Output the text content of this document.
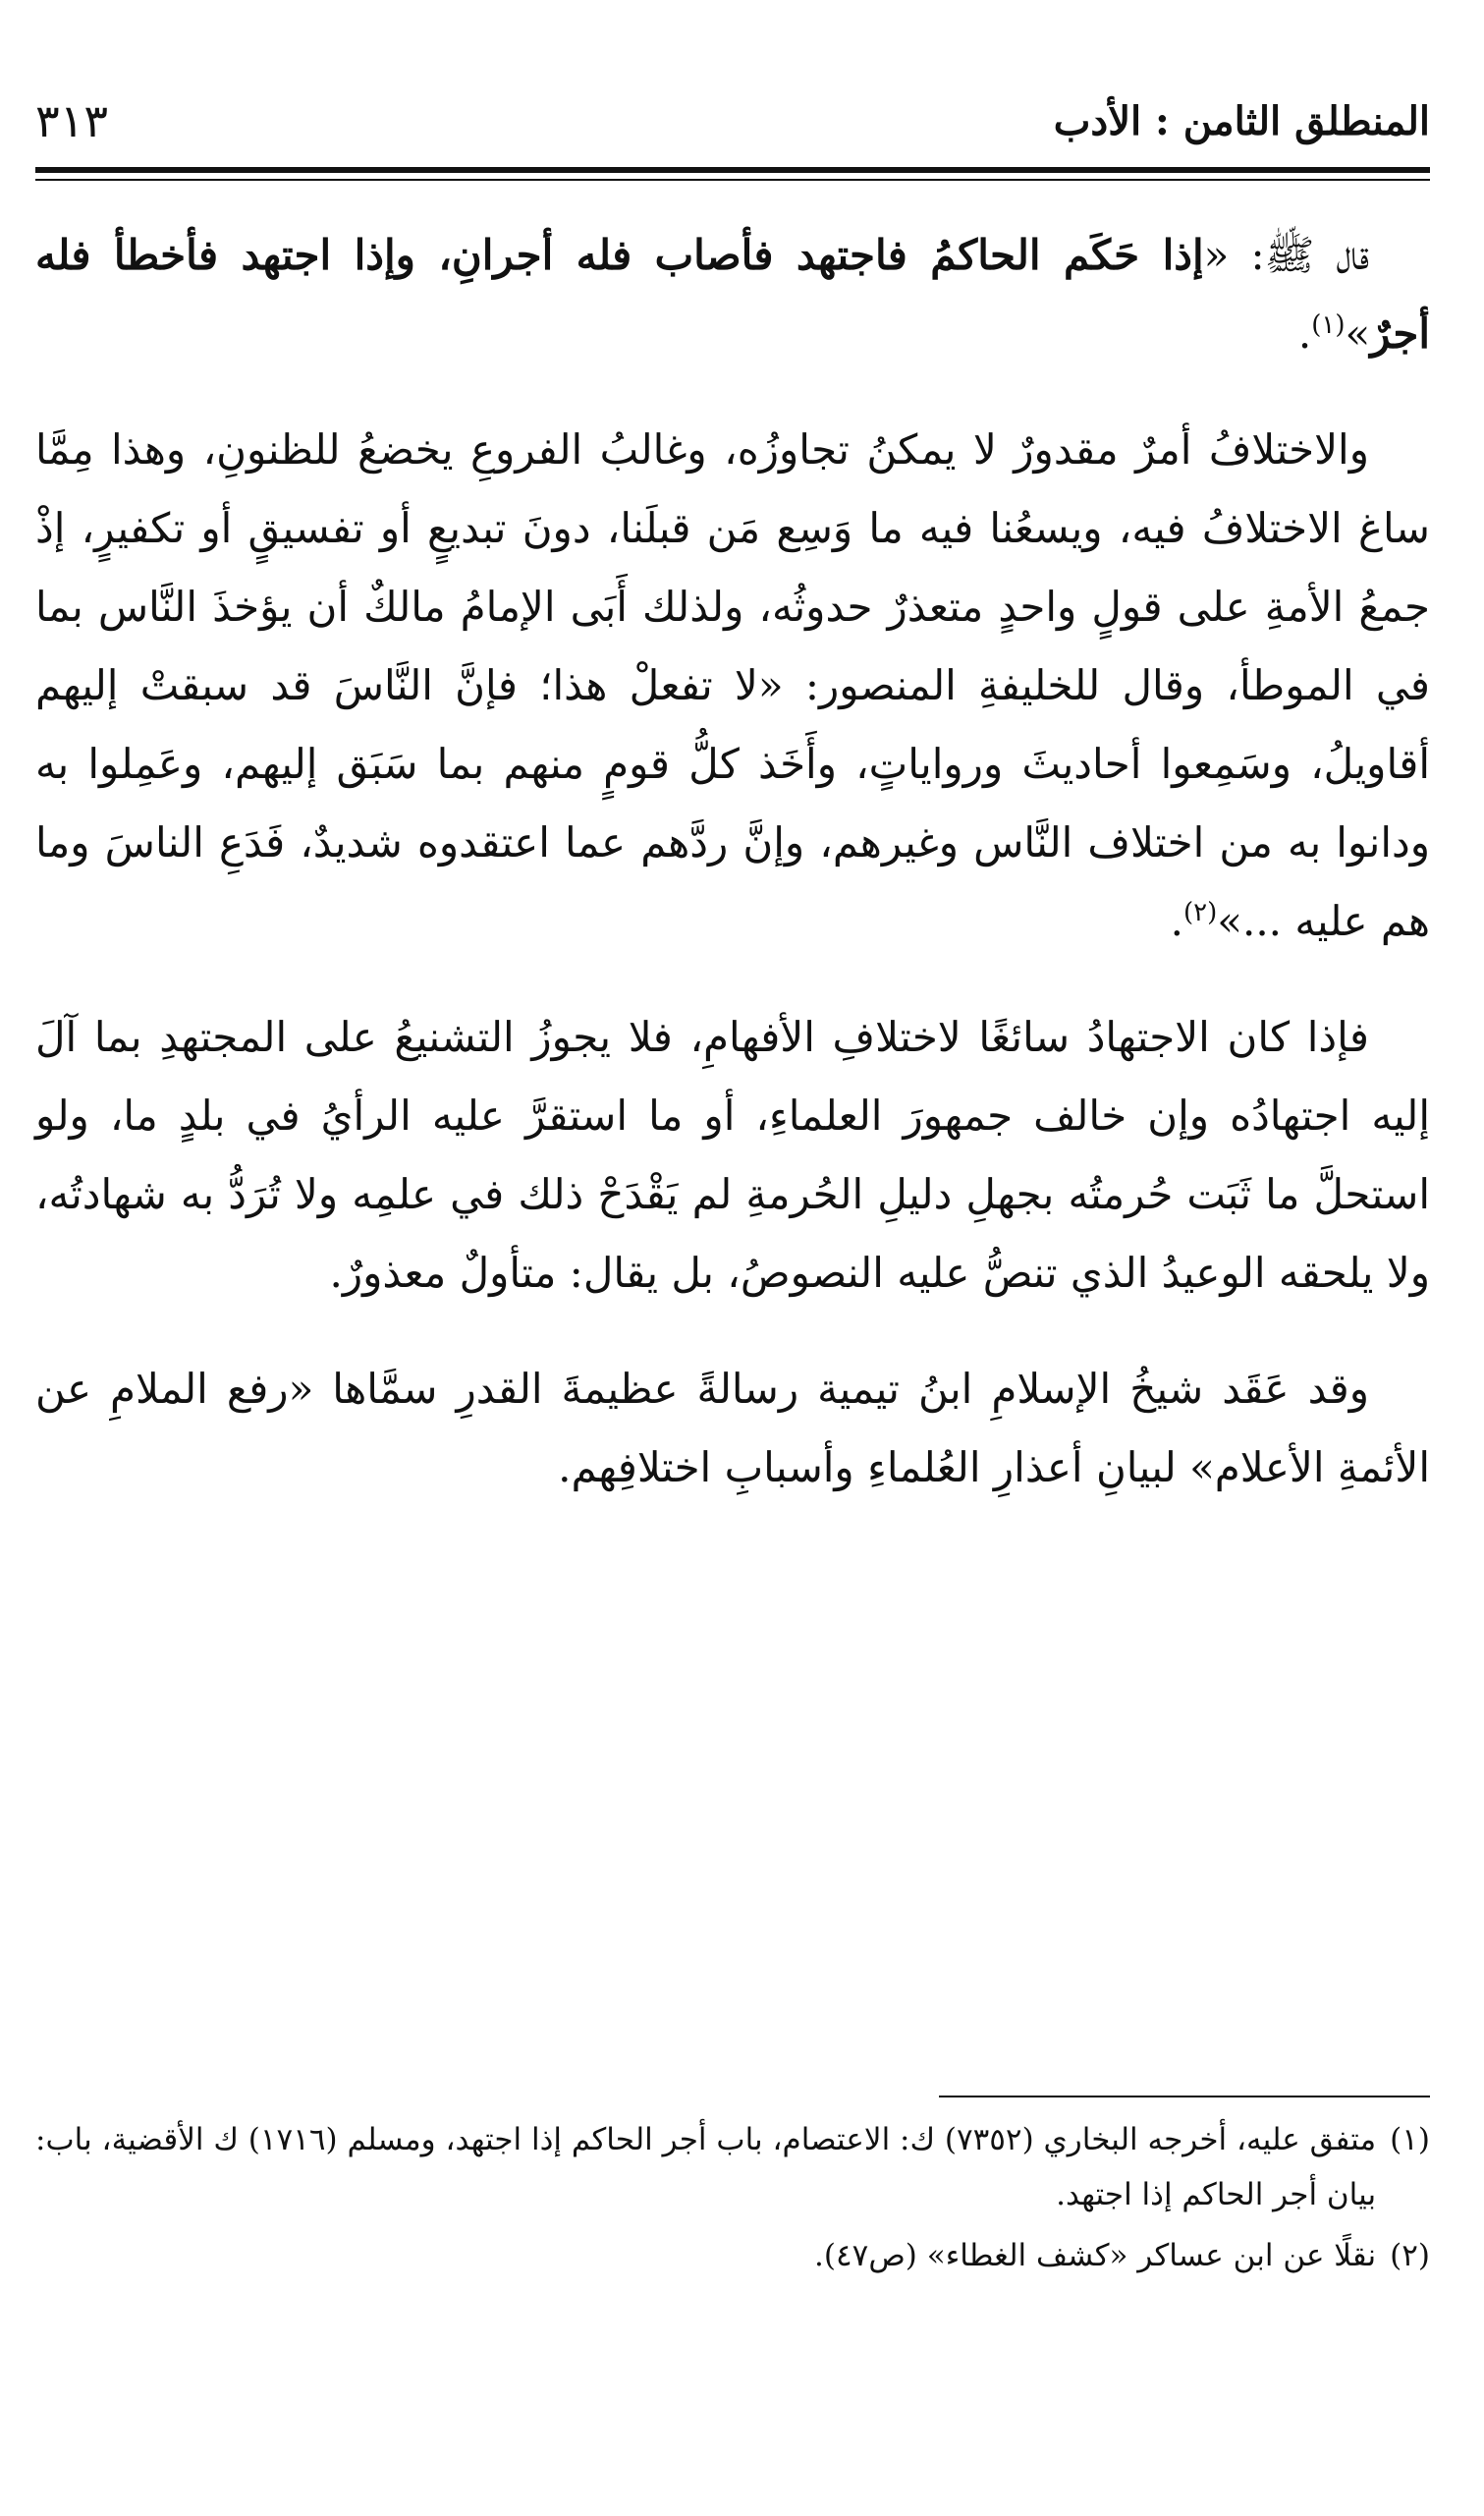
المنطلق الثامن : الأدب
٣١٣

قال ﷺ: «إذا حَكَم الحاكمُ فاجتهد فأصاب فله أجرانِ، وإذا اجتهد فأخطأ فله أجرٌ»$^{(١)}$.

والاختلافُ أمرٌ مقدورٌ لا يمكنُ تجاوزُه، وغالبُ الفروعِ يخضعُ للظنونِ، وهذا مِمَّا ساغ الاختلافُ فيه، ويسعُنا فيه ما وَسِع مَن قبلَنا، دونَ تبديعٍ أو تفسيقٍ أو تكفيرٍ، إذْ جمعُ الأمةِ على قولٍ واحدٍ متعذرٌ حدوثُه، ولذلك أَبَى الإمامُ مالكٌ أن يؤخذَ النَّاس بما في الموطأ، وقال للخليفةِ المنصور: «لا تفعلْ هذا؛ فإنَّ النَّاسَ قد سبقتْ إليهم أقاويلُ، وسَمِعوا أحاديثَ ورواياتٍ، وأَخَذ كلُّ قومٍ منهم بما سَبَق إليهم، وعَمِلوا به ودانوا به من اختلاف النَّاس وغيرهم، وإنَّ ردَّهم عما اعتقدوه شديدٌ، فَدَعِ الناسَ وما هم عليه ...»$^{(٢)}$.

فإذا كان الاجتهادُ سائغًا لاختلافِ الأفهامِ، فلا يجوزُ التشنيعُ على المجتهدِ بما آلَ إليه اجتهادُه وإن خالف جمهورَ العلماءِ، أو ما استقرَّ عليه الرأيُ في بلدٍ ما، ولو استحلَّ ما ثَبَت حُرمتُه بجهلِ دليلِ الحُرمةِ لم يَقْدَحْ ذلك في علمِه ولا تُرَدُّ به شهادتُه، ولا يلحقه الوعيدُ الذي تنصُّ عليه النصوصُ، بل يقال: متأولٌ معذورٌ.

وقد عَقَد شيخُ الإسلامِ ابنُ تيمية رسالةً عظيمةَ القدرِ سمَّاها «رفع الملامِ عن الأئمةِ الأعلام» لبيانِ أعذارِ العُلماءِ وأسبابِ اختلافِهم.

(١)
متفق عليه، أخرجه البخاري (٧٣٥٢) ك: الاعتصام، باب أجر الحاكم إذا اجتهد، ومسلم (١٧١٦) ك الأقضية، باب: بيان أجر الحاكم إذا اجتهد.
(٢)
نقلًا عن ابن عساكر «كشف الغطاء» (ص٤٧).
